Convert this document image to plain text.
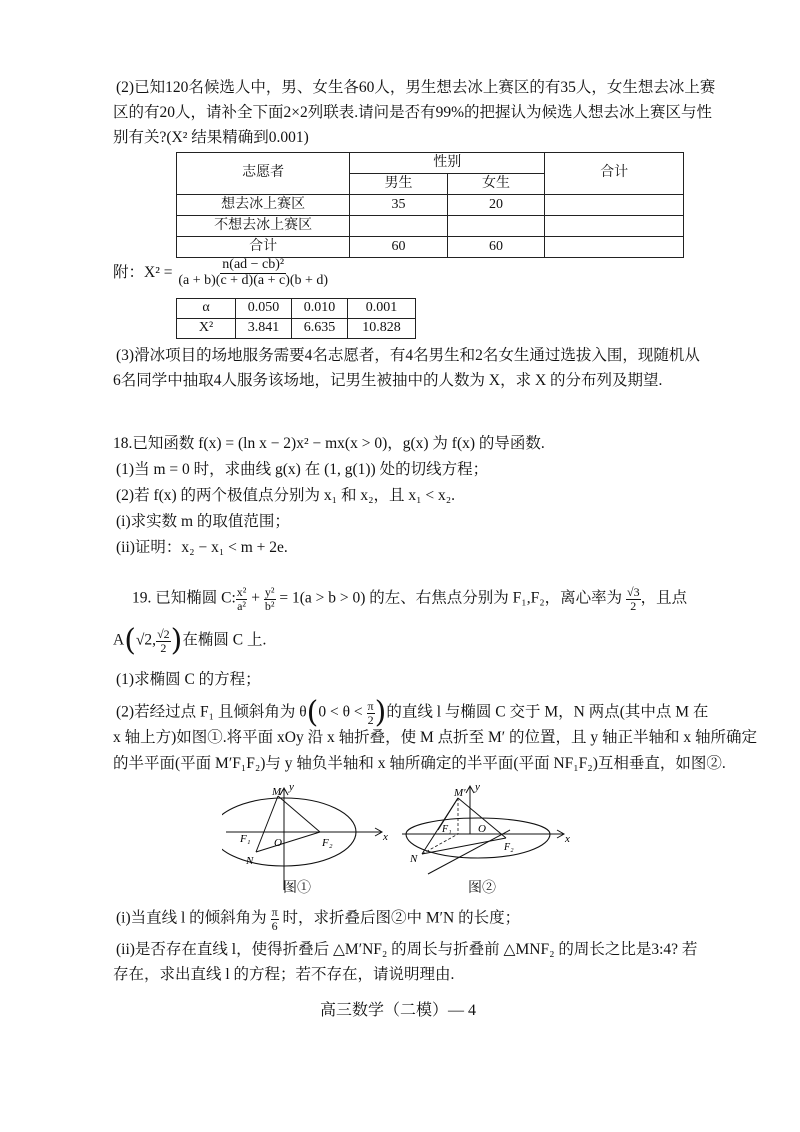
(2)已知120名候选人中，男、女生各60人，男生想去冰上赛区的有35人，女生想去冰上赛
区的有20人，请补全下面2×2列联表.请问是否有99%的把握认为候选人想去冰上赛区与性
别有关?(X² 结果精确到0.001)
志愿者	性别		合计
	男生	女生	
想去冰上赛区	35	20	
不想去冰上赛区			
合计	60	60	
附：$X^2 = \frac{\text{n(ad − cb)²}}{(a + b)(c + d)(a + c)(b + d)}$
α	0.050	0.010	0.001
X²	3.841	6.635	10.828
(3)滑冰项目的场地服务需要4名志愿者，有4名男生和2名女生通过选拔入围，现随机从
6名同学中抽取4人服务该场地，记男生被抽中的人数为 X，求 X 的分布列及期望.
18.已知函数 f(x) = (ln x − 2)x² − mx(x > 0)，g(x) 为 f(x) 的导函数.
(1)当 m = 0 时，求曲线 g(x) 在 (1, g(1)) 处的切线方程；
(2)若 f(x) 的两个极值点分别为 x₁ 和 x₂，且 x₁ < x₂.
(i)求实数 m 的取值范围；
(ii)证明：x₂ − x₁ < m + 2e.
19. 已知椭圆 C: $\frac{\text{x²}}{\text{a²}} + \frac{\text{y²}}{\text{b²}} = 1(a > b > 0)$ 的左、右焦点分别为 F₁,F₂，离心率为 $\frac{√3}{2}$ ，且点
A(√2, $\frac{√2}{2}$ )在椭圆 C 上.
(1)求椭圆 C 的方程；
(2)若经过点 F₁ 且倾斜角为 $\theta(0 < \theta < \frac{\pi}{2}$ )的直线 l 与椭圆 C 交于 M，N 两点(其中点 M 在
x 轴上方)如图①.将平面 xOy 沿 x 轴折叠，使 M 点折至 M′ 的位置，且 y 轴正半轴和 x 轴所确定
的半平面(平面 M′F₁F₂)与 y 轴负半轴和 x 轴所确定的半平面(平面 NF₁F₂)互相垂直，如图②.
M
F₁ O	F₂
N
y
x
图①
M′
F₁ O
F₂
N
y
x
图②
(i)当直线 l 的倾斜角为 $\frac{\pi}{6}$ 时，求折叠后图②中 M′N 的长度；
(ii)是否存在直线 l，使得折叠后 △M′NF₂ 的周长与折叠前 △MNF₂ 的周长之比是3:4? 若
存在，求出直线 l 的方程；若不存在，请说明理由.
高三数学（二模）— 4
